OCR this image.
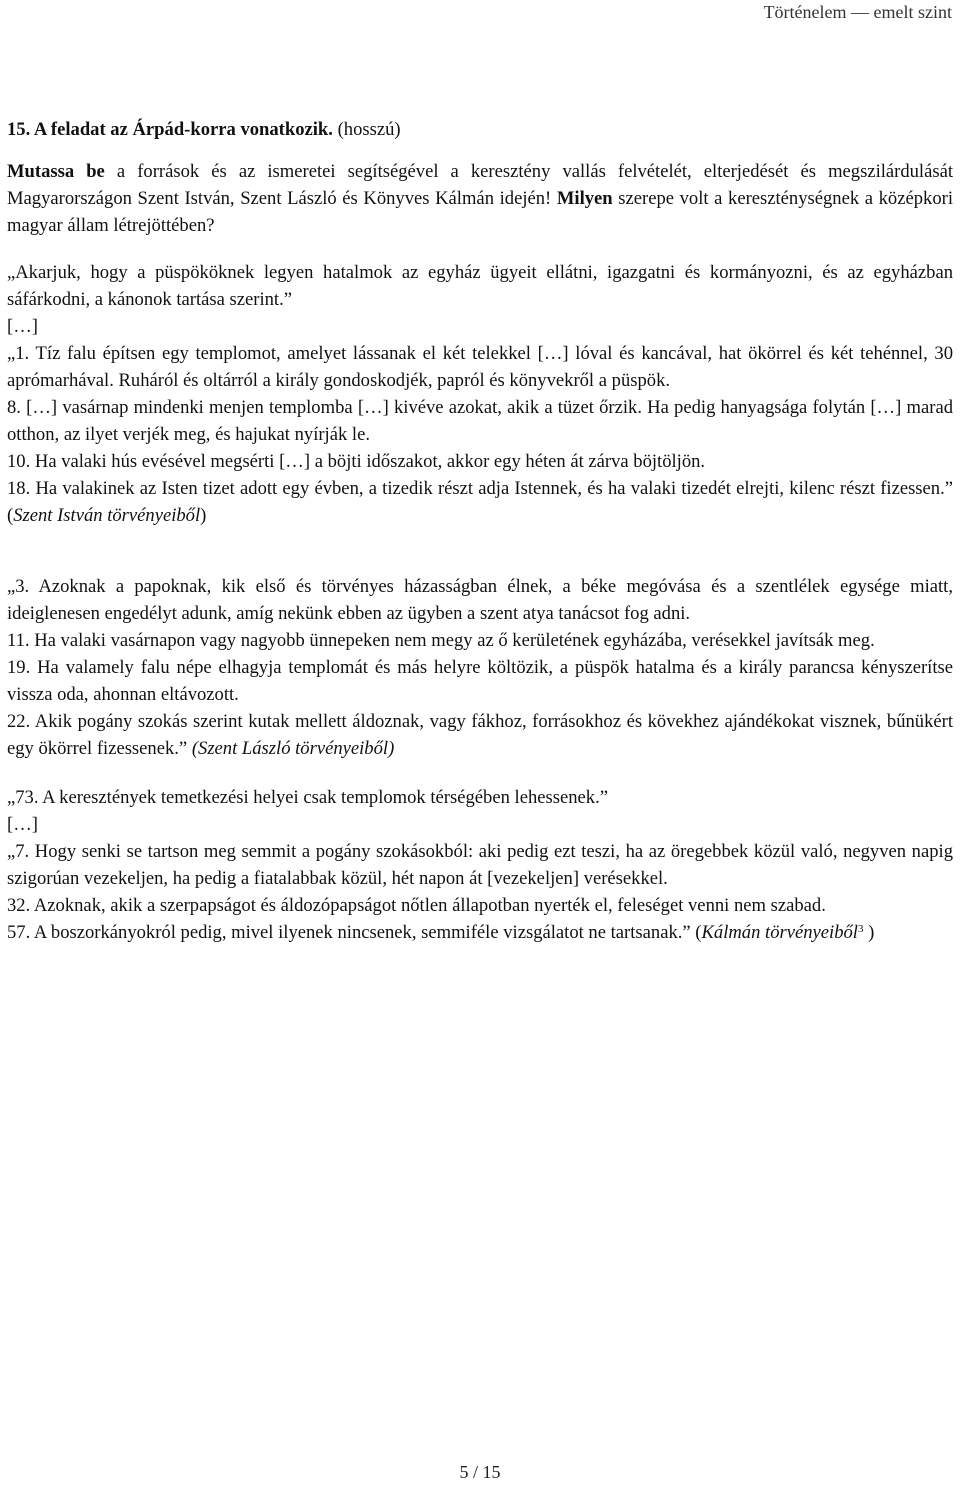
Történelem — emelt szint

15. A feladat az Árpád-korra vonatkozik. (hosszú)

Mutassa be a források és az ismeretei segítségével a keresztény vallás felvételét, elterjedését és megszilárdulását Magyarországon Szent István, Szent László és Könyves Kálmán idején! Milyen szerepe volt a kereszténységnek a középkori magyar állam létrejöttében?

„Akarjuk, hogy a püspököknek legyen hatalmok az egyház ügyeit ellátni, igazgatni és kormányozni, és az egyházban sáfárkodni, a kánonok tartása szerint.”

[…]

„1. Tíz falu építsen egy templomot, amelyet lássanak el két telekkel […] lóval és kancával, hat ökörrel és két tehénnel, 30 aprómarhával. Ruháról és oltárról a király gondoskodjék, papról és könyvekről a püspök.

8. […] vasárnap mindenki menjen templomba […] kivéve azokat, akik a tüzet őrzik. Ha pedig hanyagsága folytán […] marad otthon, az ilyet verjék meg, és hajukat nyírják le.

10. Ha valaki hús evésével megsérti […] a böjti időszakot, akkor egy héten át zárva böjtöljön.

18. Ha valakinek az Isten tizet adott egy évben, a tizedik részt adja Istennek, és ha valaki tizedét elrejti, kilenc részt fizessen.” (Szent István törvényeiből)

„3. Azoknak a papoknak, kik első és törvényes házasságban élnek, a béke megóvása és a szentlélek egysége miatt, ideiglenesen engedélyt adunk, amíg nekünk ebben az ügyben a szent atya tanácsot fog adni.

11. Ha valaki vasárnapon vagy nagyobb ünnepeken nem megy az ő kerületének egyházába, verésekkel javítsák meg.

19. Ha valamely falu népe elhagyja templomát és más helyre költözik, a püspök hatalma és a király parancsa kényszerítse vissza oda, ahonnan eltávozott.

22. Akik pogány szokás szerint kutak mellett áldoznak, vagy fákhoz, forrásokhoz és kövekhez ajándékokat visznek, bűnükért egy ökörrel fizessenek.” (Szent László törvényeiből)

„73. A keresztények temetkezési helyei csak templomok térségében lehessenek.”

[…]

„7. Hogy senki se tartson meg semmit a pogány szokásokból: aki pedig ezt teszi, ha az öregebbek közül való, negyven napig szigorúan vezekeljen, ha pedig a fiatalabbak közül, hét napon át [vezekeljen] verésekkel.

32. Azoknak, akik a szerpapságot és áldozópapságot nőtlen állapotban nyerték el, feleséget venni nem szabad.

57. A boszorkányokról pedig, mivel ilyenek nincsenek, semmiféle vizsgálatot ne tartsanak.” (Kálmán törvényeiből$^3$ )

5 / 15
